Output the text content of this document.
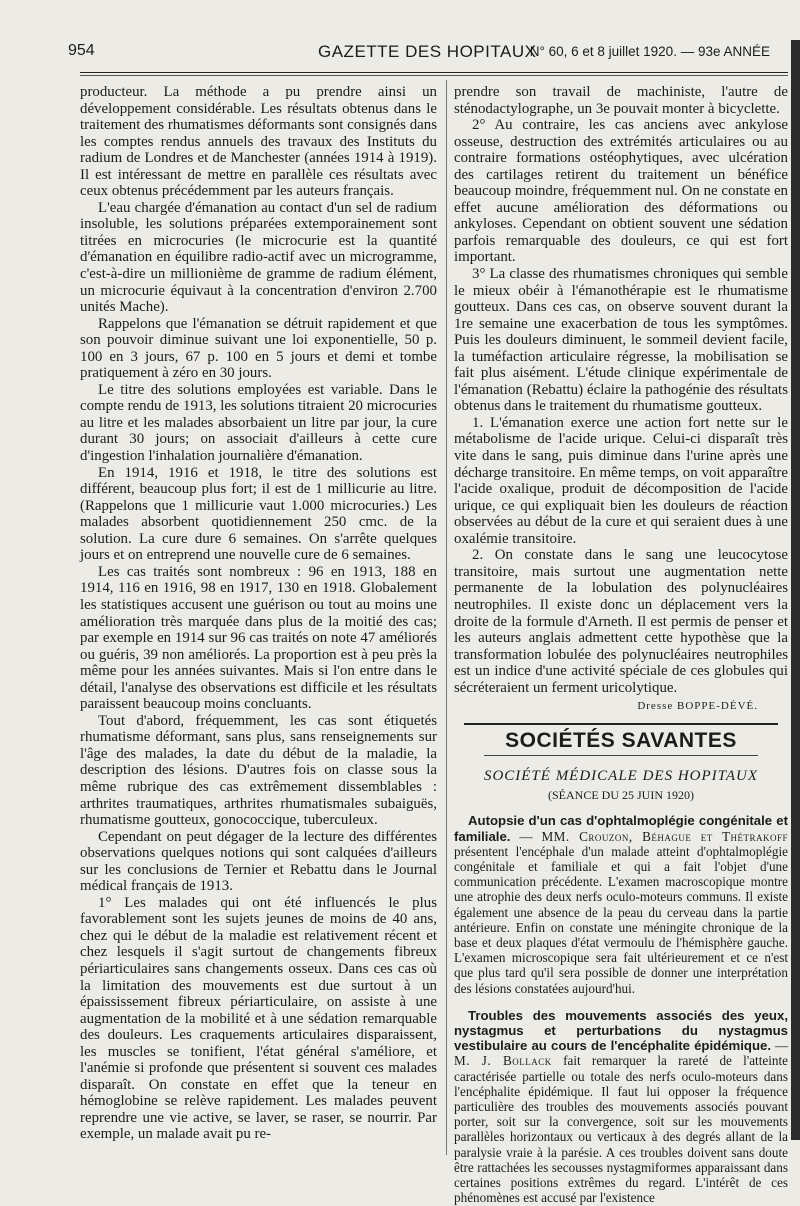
954	GAZETTE DES HOPITAUX
N° 60, 6 et 8 juillet 1920. — 93e ANNÉE

producteur. La méthode a pu prendre ainsi un développement considérable. Les résultats obtenus dans le traitement des rhumatismes déformants sont consignés dans les comptes rendus annuels des travaux des Instituts du radium de Londres et de Manchester (années 1914 à 1919). Il est intéressant de mettre en parallèle ces résultats avec ceux obtenus précédemment par les auteurs français.

L'eau chargée d'émanation au contact d'un sel de radium insoluble, les solutions préparées extemporainement sont titrées en microcuries (le microcurie est la quantité d'émanation en équilibre radio-actif avec un microgramme, c'est-à-dire un millionième de gramme de radium élément, un microcurie équivaut à la concentration d'environ 2.700 unités Mache).

Rappelons que l'émanation se détruit rapidement et que son pouvoir diminue suivant une loi exponentielle, 50 p. 100 en 3 jours, 67 p. 100 en 5 jours et demi et tombe pratiquement à zéro en 30 jours.

Le titre des solutions employées est variable. Dans le compte rendu de 1913, les solutions titraient 20 microcuries au litre et les malades absorbaient un litre par jour, la cure durant 30 jours; on associait d'ailleurs à cette cure d'ingestion l'inhalation journalière d'émanation.

En 1914, 1916 et 1918, le titre des solutions est différent, beaucoup plus fort; il est de 1 millicurie au litre. (Rappelons que 1 millicurie vaut 1.000 microcuries.) Les malades absorbent quotidiennement 250 cmc. de la solution. La cure dure 6 semaines. On s'arrête quelques jours et on entreprend une nouvelle cure de 6 semaines.

Les cas traités sont nombreux : 96 en 1913, 188 en 1914, 116 en 1916, 98 en 1917, 130 en 1918. Globalement les statistiques accusent une guérison ou tout au moins une amélioration très marquée dans plus de la moitié des cas; par exemple en 1914 sur 96 cas traités on note 47 améliorés ou guéris, 39 non améliorés. La proportion est à peu près la même pour les années suivantes. Mais si l'on entre dans le détail, l'analyse des observations est difficile et les résultats paraissent beaucoup moins concluants.

Tout d'abord, fréquemment, les cas sont étiquetés rhumatisme déformant, sans plus, sans renseignements sur l'âge des malades, la date du début de la maladie, la description des lésions. D'autres fois on classe sous la même rubrique des cas extrêmement dissemblables : arthrites traumatiques, arthrites rhumatismales subaiguës, rhumatisme goutteux, gonococcique, tuberculeux.

Cependant on peut dégager de la lecture des différentes observations quelques notions qui sont calquées d'ailleurs sur les conclusions de Ternier et Rebattu dans le Journal médical français de 1913.

1° Les malades qui ont été influencés le plus favorablement sont les sujets jeunes de moins de 40 ans, chez qui le début de la maladie est relativement récent et chez lesquels il s'agit surtout de changements fibreux périarticulaires sans changements osseux. Dans ces cas où la limitation des mouvements est due surtout à un épaississement fibreux périarticulaire, on assiste à une augmentation de la mobilité et à une sédation remarquable des douleurs. Les craquements articulaires disparaissent, les muscles se tonifient, l'état général s'améliore, et l'anémie si profonde que présentent si souvent ces malades disparaît. On constate en effet que la teneur en hémoglobine se relève rapidement. Les malades peuvent reprendre une vie active, se laver, se raser, se nourrir. Par exemple, un malade avait pu re-

prendre son travail de machiniste, l'autre de sténodactylographe, un 3e pouvait monter à bicyclette.

2° Au contraire, les cas anciens avec ankylose osseuse, destruction des extrémités articulaires ou au contraire formations ostéophytiques, avec ulcération des cartilages retirent du traitement un bénéfice beaucoup moindre, fréquemment nul. On ne constate en effet aucune amélioration des déformations ou ankyloses. Cependant on obtient souvent une sédation parfois remarquable des douleurs, ce qui est fort important.

3° La classe des rhumatismes chroniques qui semble le mieux obéir à l'émanothérapie est le rhumatisme goutteux. Dans ces cas, on observe souvent durant la 1re semaine une exacerbation de tous les symptômes. Puis les douleurs diminuent, le sommeil devient facile, la tuméfaction articulaire régresse, la mobilisation se fait plus aisément. L'étude clinique expérimentale de l'émanation (Rebattu) éclaire la pathogénie des résultats obtenus dans le traitement du rhumatisme goutteux.

1. L'émanation exerce une action fort nette sur le métabolisme de l'acide urique. Celui-ci disparaît très vite dans le sang, puis diminue dans l'urine après une décharge transitoire. En même temps, on voit apparaître l'acide oxalique, produit de décomposition de l'acide urique, ce qui expliquait bien les douleurs de réaction observées au début de la cure et qui seraient dues à une oxalémie transitoire.

2. On constate dans le sang une leucocytose transitoire, mais surtout une augmentation nette permanente de la lobulation des polynucléaires neutrophiles. Il existe donc un déplacement vers la droite de la formule d'Arneth. Il est permis de penser et les auteurs anglais admettent cette hypothèse que la transformation lobulée des polynucléaires neutrophiles est un indice d'une activité spéciale de ces globules qui sécréteraient un ferment uricolytique.

Dresse BOPPE-DÉVÉ.
SOCIÉTÉS SAVANTES
SOCIÉTÉ MÉDICALE DES HOPITAUX
(SÉANCE DU 25 JUIN 1920)

Autopsie d'un cas d'ophtalmoplégie congénitale et familiale. — MM. Crouzon, Béhague et Thétrakoff présentent l'encéphale d'un malade atteint d'ophtalmoplégie congénitale et familiale et qui a fait l'objet d'une communication précédente. L'examen macroscopique montre une atrophie des deux nerfs oculo-moteurs communs. Il existe également une absence de la peau du cerveau dans la partie antérieure. Enfin on constate une méningite chronique de la base et deux plaques d'état vermoulu de l'hémisphère gauche. L'examen microscopique sera fait ultérieurement et ce n'est que plus tard qu'il sera possible de donner une interprétation des lésions constatées aujourd'hui.

Troubles des mouvements associés des yeux, nystagmus et perturbations du nystagmus vestibulaire au cours de l'encéphalite épidémique. — M. J. Bollack fait remarquer la rareté de l'atteinte caractérisée partielle ou totale des nerfs oculo-moteurs dans l'encéphalite épidémique. Il faut lui opposer la fréquence particulière des troubles des mouvements associés pouvant porter, soit sur la convergence, soit sur les mouvements parallèles horizontaux ou verticaux à des degrés allant de la paralysie vraie à la parésie. A ces troubles doivent sans doute être rattachées les secousses nystagmiformes apparaissant dans certaines positions extrêmes du regard. L'intérêt de ces phénomènes est accusé par l'existence
